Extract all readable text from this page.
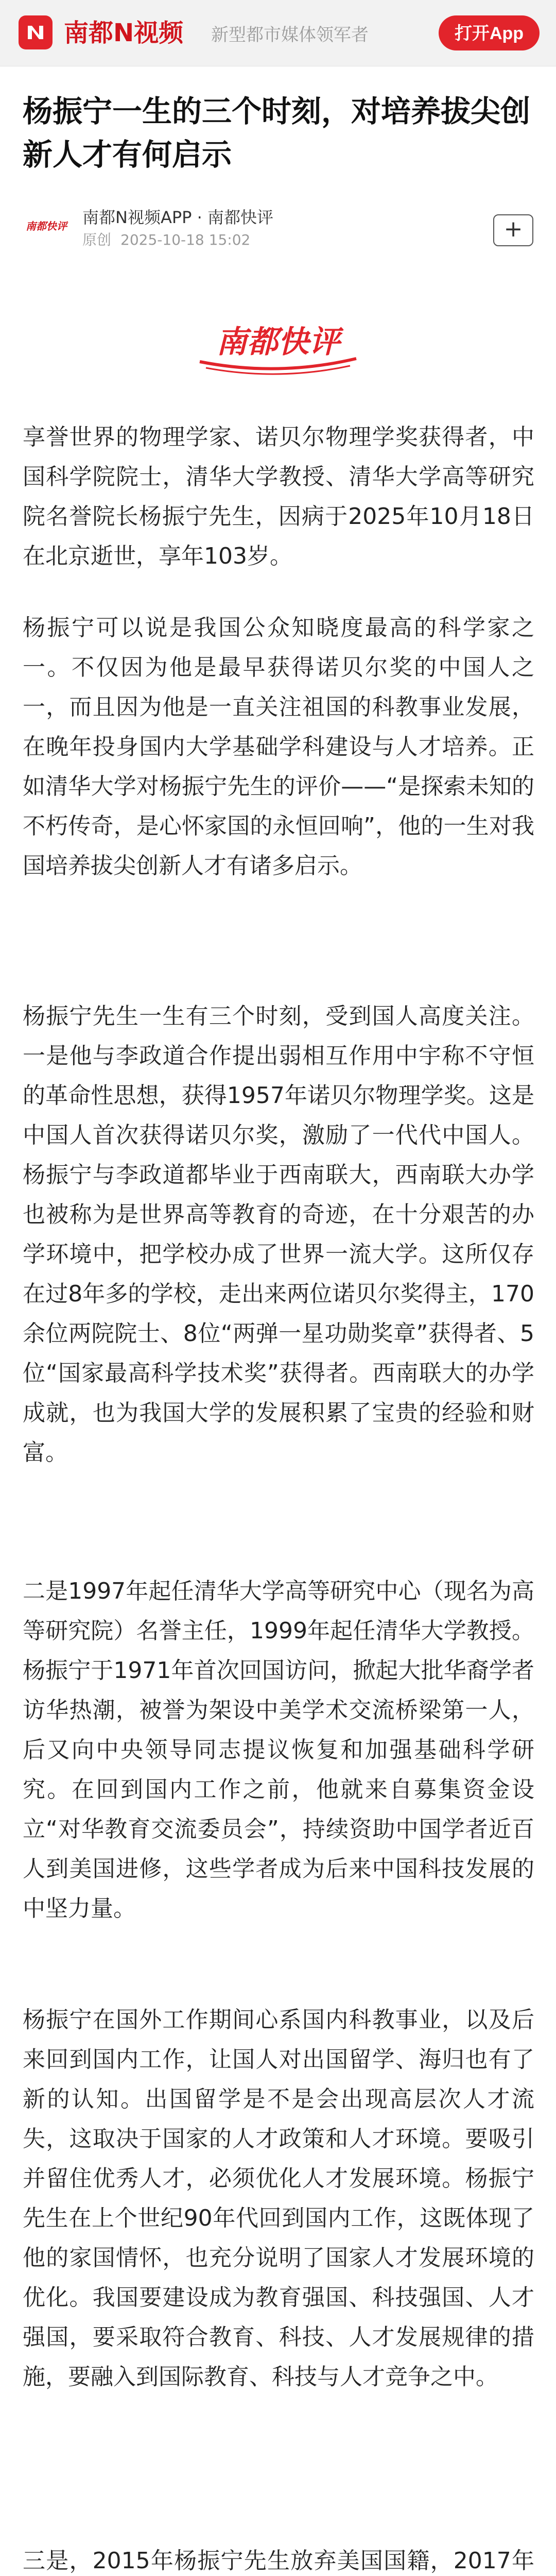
南都N视频 新型都市媒体领军者	打开App
杨振宁一生的三个时刻，对培养拔尖创新人才有何启示
南都快评 南都N视频APP · 南都快评
原创 2025-10-18 15:02	+
南都快评

享誉世界的物理学家、诺贝尔物理学奖获得者，中国科学院院士，清华大学教授、清华大学高等研究院名誉院长杨振宁先生，因病于2025年10月18日在北京逝世，享年103岁。

杨振宁可以说是我国公众知晓度最高的科学家之一。不仅因为他是最早获得诺贝尔奖的中国人之一，而且因为他是一直关注祖国的科教事业发展，在晚年投身国内大学基础学科建设与人才培养。正如清华大学对杨振宁先生的评价——“是探索未知的不朽传奇，是心怀家国的永恒回响”，他的一生对我国培养拔尖创新人才有诸多启示。

杨振宁先生一生有三个时刻，受到国人高度关注。一是他与李政道合作提出弱相互作用中宇称不守恒的革命性思想，获得1957年诺贝尔物理学奖。这是中国人首次获得诺贝尔奖，激励了一代代中国人。杨振宁与李政道都毕业于西南联大，西南联大办学也被称为是世界高等教育的奇迹，在十分艰苦的办学环境中，把学校办成了世界一流大学。这所仅存在过8年多的学校，走出来两位诺贝尔奖得主，170余位两院院士、8位“两弹一星功勋奖章”获得者、5位“国家最高科学技术奖”获得者。西南联大的办学成就，也为我国大学的发展积累了宝贵的经验和财富。

二是1997年起任清华大学高等研究中心（现名为高等研究院）名誉主任，1999年起任清华大学教授。杨振宁于1971年首次回国访问，掀起大批华裔学者访华热潮，被誉为架设中美学术交流桥梁第一人，后又向中央领导同志提议恢复和加强基础科学研究。在回到国内工作之前，他就来自募集资金设立“对华教育交流委员会”，持续资助中国学者近百人到美国进修，这些学者成为后来中国科技发展的中坚力量。

杨振宁在国外工作期间心系国内科教事业，以及后来回到国内工作，让国人对出国留学、海归也有了新的认知。出国留学是不是会出现高层次人才流失，这取决于国家的人才政策和人才环境。要吸引并留住优秀人才，必须优化人才发展环境。杨振宁先生在上个世纪90年代回到国内工作，这既体现了他的家国情怀，也充分说明了国家人才发展环境的优化。我国要建设成为教育强国、科技强国、人才强国，要采取符合教育、科技、人才发展规律的措施，要融入到国际教育、科技与人才竞争之中。

三是，2015年杨振宁先生放弃美国国籍，2017年
